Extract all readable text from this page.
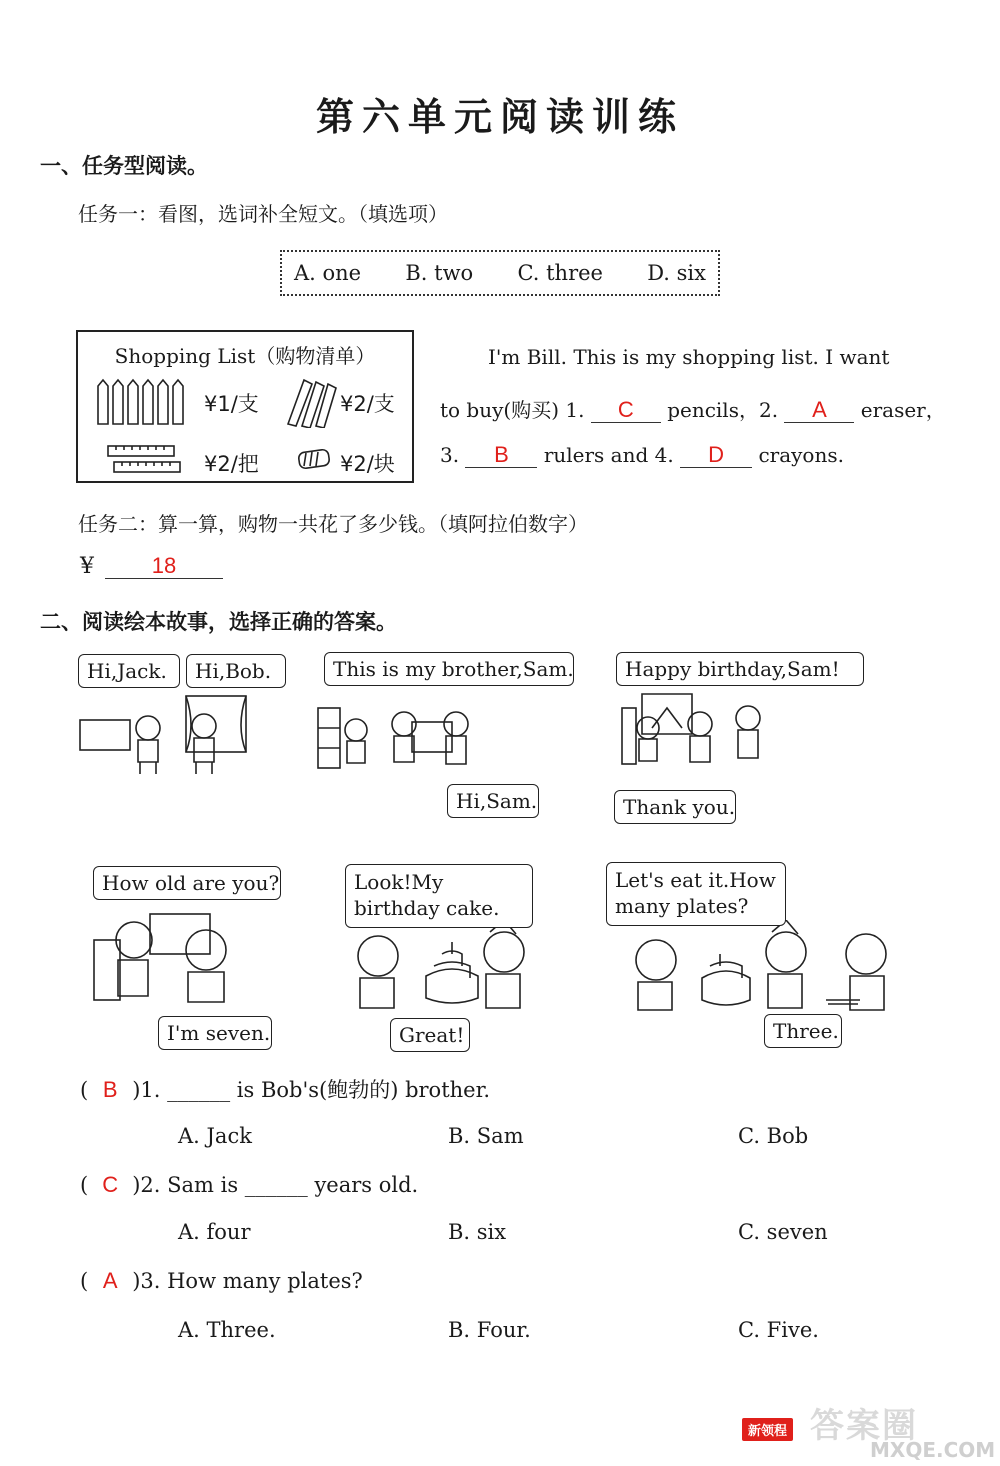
第六单元阅读训练
一、任务型阅读。
任务一：看图，选词补全短文。（填选项）
A. one B. two C. three D. six
Shopping List（购物清单）
¥1/支	¥2/支
¥2/把	¥2/块
I'm Bill. This is my shopping list. I want
to buy(购买) 1. C pencils，2. A eraser，
3. B rulers and 4. D crayons.
任务二：算一算，购物一共花了多少钱。（填阿拉伯数字）
¥	18
二、阅读绘本故事，选择正确的答案。
Hi,Jack.	Hi,Bob.	This is my brother,Sam.
Hi,Sam.
Happy birthday,Sam!
Thank you.
How old are you?
I'm seven.
Look!My birthday cake.
Great!
Let's eat it.How many plates?
Three.
( B )1. ______ is Bob's(鲍勃的) brother.
A. Jack	B. Sam	C. Bob
( C )2. Sam is ______ years old.
A. four	B. six	C. seven
( A )3. How many plates?
A. Three.	B. Four.	C. Five.
新领程 答案圈
MXQE.COM
